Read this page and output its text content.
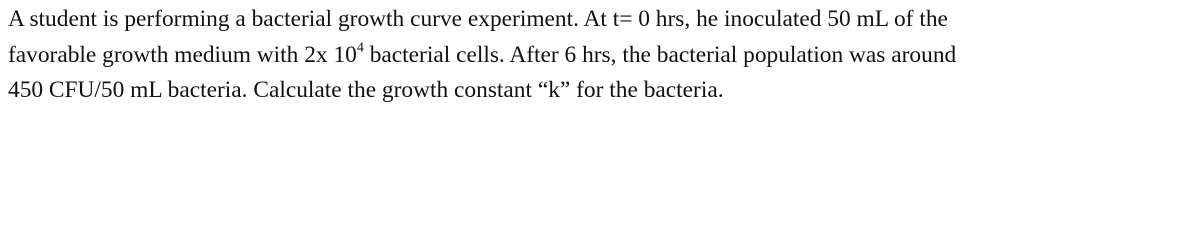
A student is performing a bacterial growth curve experiment. At t= 0 hrs, he inoculated 50 mL of the
favorable growth medium with 2x $10^4$ bacterial cells. After 6 hrs, the bacterial population was around
450 CFU/50 mL bacteria. Calculate the growth constant “k” for the bacteria.
